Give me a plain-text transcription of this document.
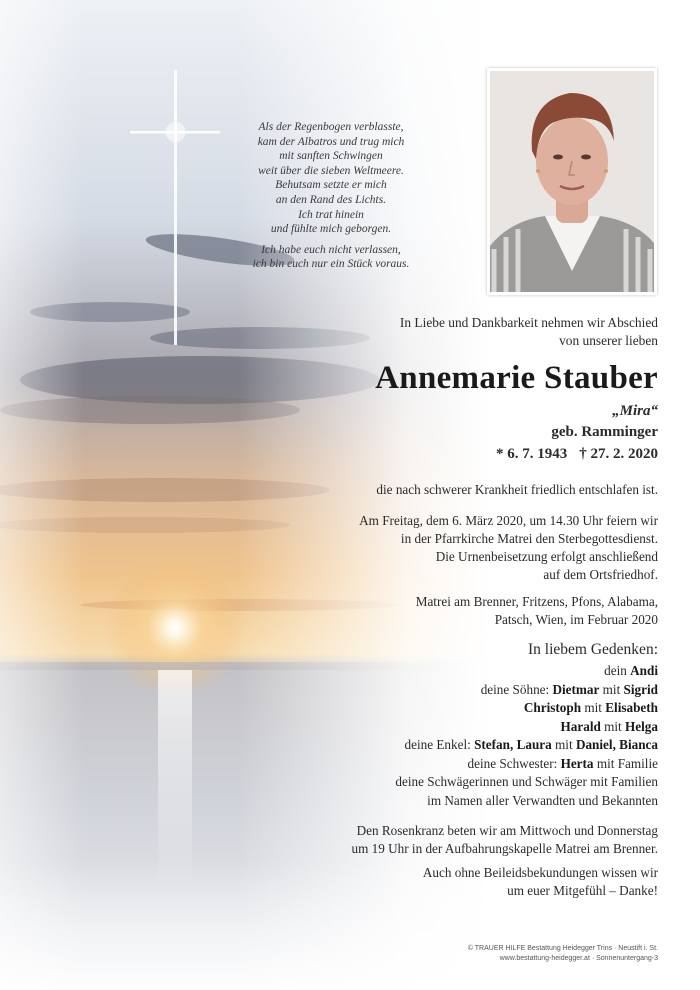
Als der Regenbogen verblasste,
kam der Albatros und trug mich
mit sanften Schwingen
weit über die sieben Weltmeere.
Behutsam setzte er mich
an den Rand des Lichts.
Ich trat hinein
und fühlte mich geborgen.
Ich habe euch nicht verlassen,
ich bin euch nur ein Stück voraus.
In Liebe und Dankbarkeit nehmen wir Abschied
von unserer lieben
Annemarie Stauber
„Mira“
geb. Ramminger
* 6. 7. 1943 † 27. 2. 2020
die nach schwerer Krankheit friedlich entschlafen ist.
Am Freitag, dem 6. März 2020, um 14.30 Uhr feiern wir
in der Pfarrkirche Matrei den Sterbegottesdienst.
Die Urnenbeisetzung erfolgt anschließend
auf dem Ortsfriedhof.
Matrei am Brenner, Fritzens, Pfons, Alabama,
Patsch, Wien, im Februar 2020
In liebem Gedenken:
dein Andi
deine Söhne: Dietmar mit Sigrid
Christoph mit Elisabeth
Harald mit Helga
deine Enkel: Stefan, Laura mit Daniel, Bianca
deine Schwester: Herta mit Familie
deine Schwägerinnen und Schwäger mit Familien
im Namen aller Verwandten und Bekannten
Den Rosenkranz beten wir am Mittwoch und Donnerstag
um 19 Uhr in der Aufbahrungskapelle Matrei am Brenner.
Auch ohne Beileidsbekundungen wissen wir
um euer Mitgefühl – Danke!
© TRAUER HILFE Bestattung Heidegger Trins · Neustift i. St.
www.bestattung-heidegger.at · Sonnenuntergang-3
